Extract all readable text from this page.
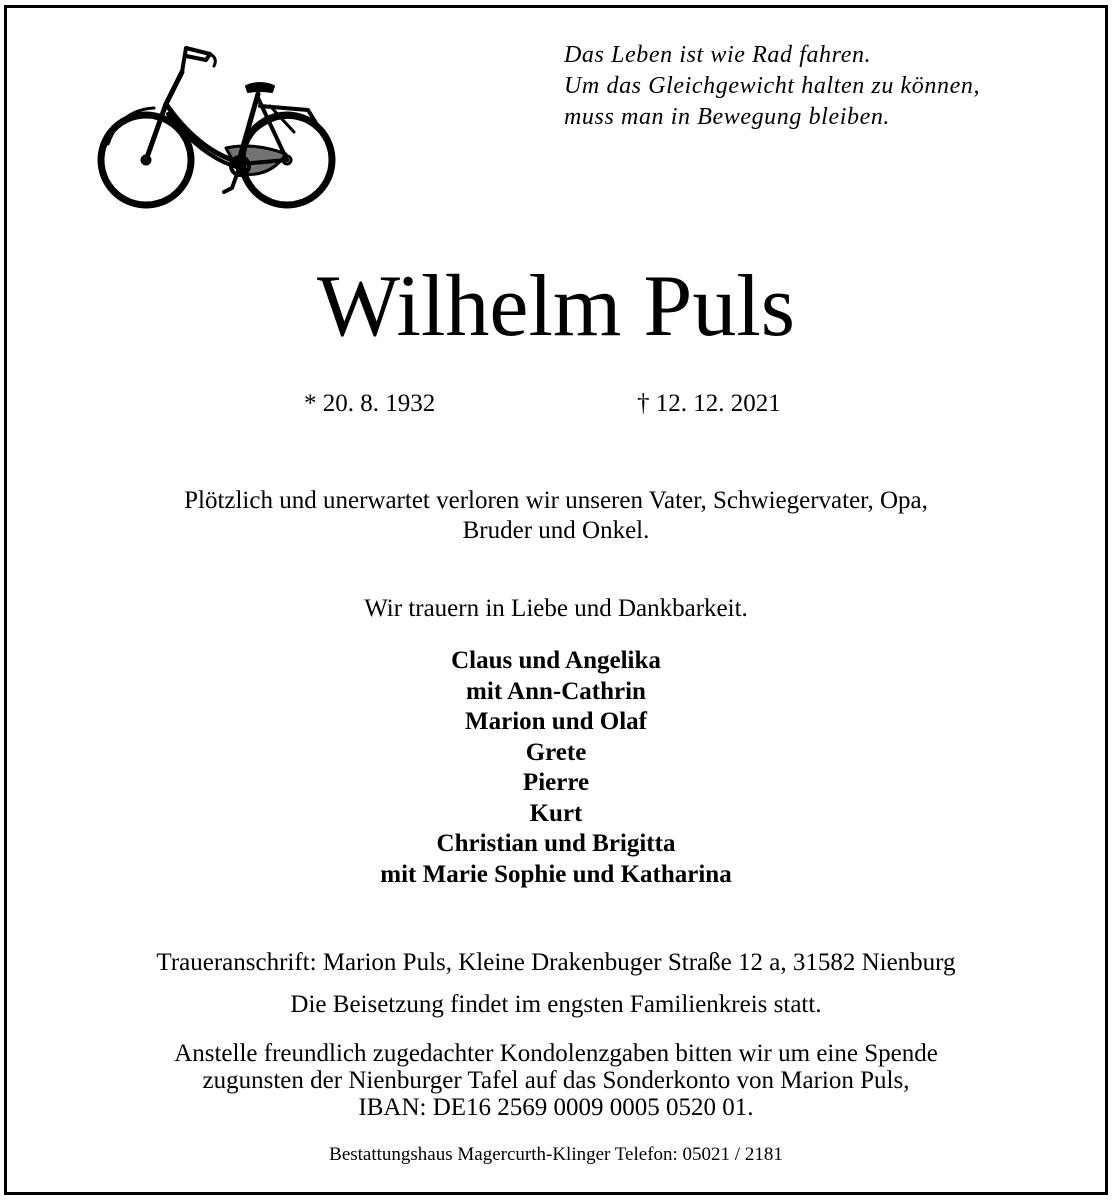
Das Leben ist wie Rad fahren.
Um das Gleichgewicht halten zu können,
muss man in Bewegung bleiben.
Wilhelm Puls
* 20. 8. 1932	† 12. 12. 2021
Plötzlich und unerwartet verloren wir unseren Vater, Schwiegervater, Opa,
Bruder und Onkel.
Wir trauern in Liebe und Dankbarkeit.
Claus und Angelika
mit Ann-Cathrin
Marion und Olaf
Grete
Pierre
Kurt
Christian und Brigitta
mit Marie Sophie und Katharina
Traueranschrift: Marion Puls, Kleine Drakenbuger Straße 12 a, 31582 Nienburg
Die Beisetzung findet im engsten Familienkreis statt.
Anstelle freundlich zugedachter Kondolenzgaben bitten wir um eine Spende
zugunsten der Nienburger Tafel auf das Sonderkonto von Marion Puls,
IBAN: DE16 2569 0009 0005 0520 01.
Bestattungshaus Magercurth-Klinger Telefon: 05021 / 2181
